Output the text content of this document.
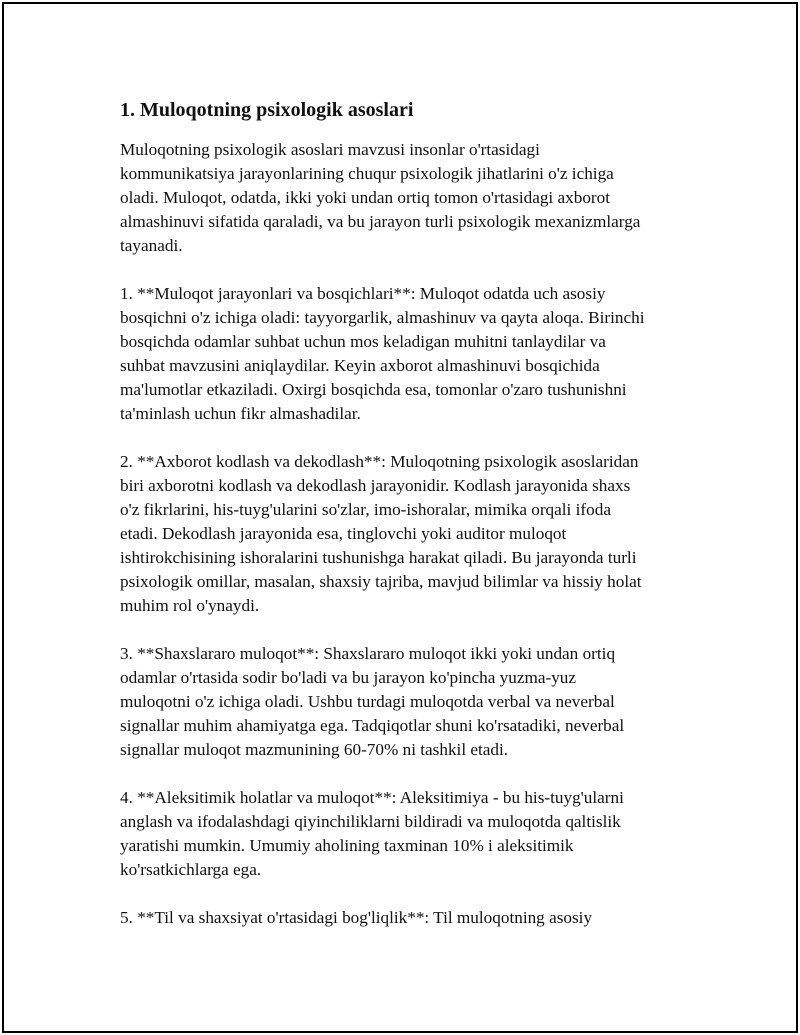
1. Muloqotning psixologik asoslari

Muloqotning psixologik asoslari mavzusi insonlar o'rtasidagi
kommunikatsiya jarayonlarining chuqur psixologik jihatlarini o'z ichiga
oladi. Muloqot, odatda, ikki yoki undan ortiq tomon o'rtasidagi axborot
almashinuvi sifatida qaraladi, va bu jarayon turli psixologik mexanizmlarga
tayanadi.

1. **Muloqot jarayonlari va bosqichlari**: Muloqot odatda uch asosiy
bosqichni o'z ichiga oladi: tayyorgarlik, almashinuv va qayta aloqa. Birinchi
bosqichda odamlar suhbat uchun mos keladigan muhitni tanlaydilar va
suhbat mavzusini aniqlaydilar. Keyin axborot almashinuvi bosqichida
ma'lumotlar etkaziladi. Oxirgi bosqichda esa, tomonlar o'zaro tushunishni
ta'minlash uchun fikr almashadilar.

2. **Axborot kodlash va dekodlash**: Muloqotning psixologik asoslaridan
biri axborotni kodlash va dekodlash jarayonidir. Kodlash jarayonida shaxs
o'z fikrlarini, his-tuyg'ularini so'zlar, imo-ishoralar, mimika orqali ifoda
etadi. Dekodlash jarayonida esa, tinglovchi yoki auditor muloqot
ishtirokchisining ishoralarini tushunishga harakat qiladi. Bu jarayonda turli
psixologik omillar, masalan, shaxsiy tajriba, mavjud bilimlar va hissiy holat
muhim rol o'ynaydi.

3. **Shaxslararo muloqot**: Shaxslararo muloqot ikki yoki undan ortiq
odamlar o'rtasida sodir bo'ladi va bu jarayon ko'pincha yuzma-yuz
muloqotni o'z ichiga oladi. Ushbu turdagi muloqotda verbal va neverbal
signallar muhim ahamiyatga ega. Tadqiqotlar shuni ko'rsatadiki, neverbal
signallar muloqot mazmunining 60-70% ni tashkil etadi.

4. **Aleksitimik holatlar va muloqot**: Aleksitimiya - bu his-tuyg'ularni
anglash va ifodalashdagi qiyinchiliklarni bildiradi va muloqotda qaltislik
yaratishi mumkin. Umumiy aholining taxminan 10% i aleksitimik
ko'rsatkichlarga ega.

5. **Til va shaxsiyat o'rtasidagi bog'liqlik**: Til muloqotning asosiy
